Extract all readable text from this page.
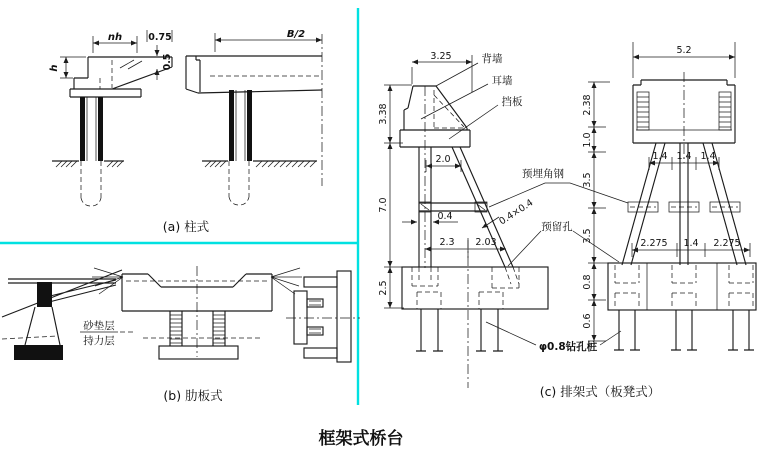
h
nh	0.75
0.5
B/2
(a) 柱式
砂垫层
持力层
(b) 肋板式
3.38
7.0
2.5
3.25
2.0
0.4
2.3 2.03
5.2
1.4 1.4 1.4
2.275 1.4 2.275
2.38
1.0
3.5
3.5
0.8
0.6
背墙
耳墙
挡板
预埋角钢
0.4×0.4 预留孔
φ0.8钻孔桩
(c) 排架式（板凳式）
框架式桥台
